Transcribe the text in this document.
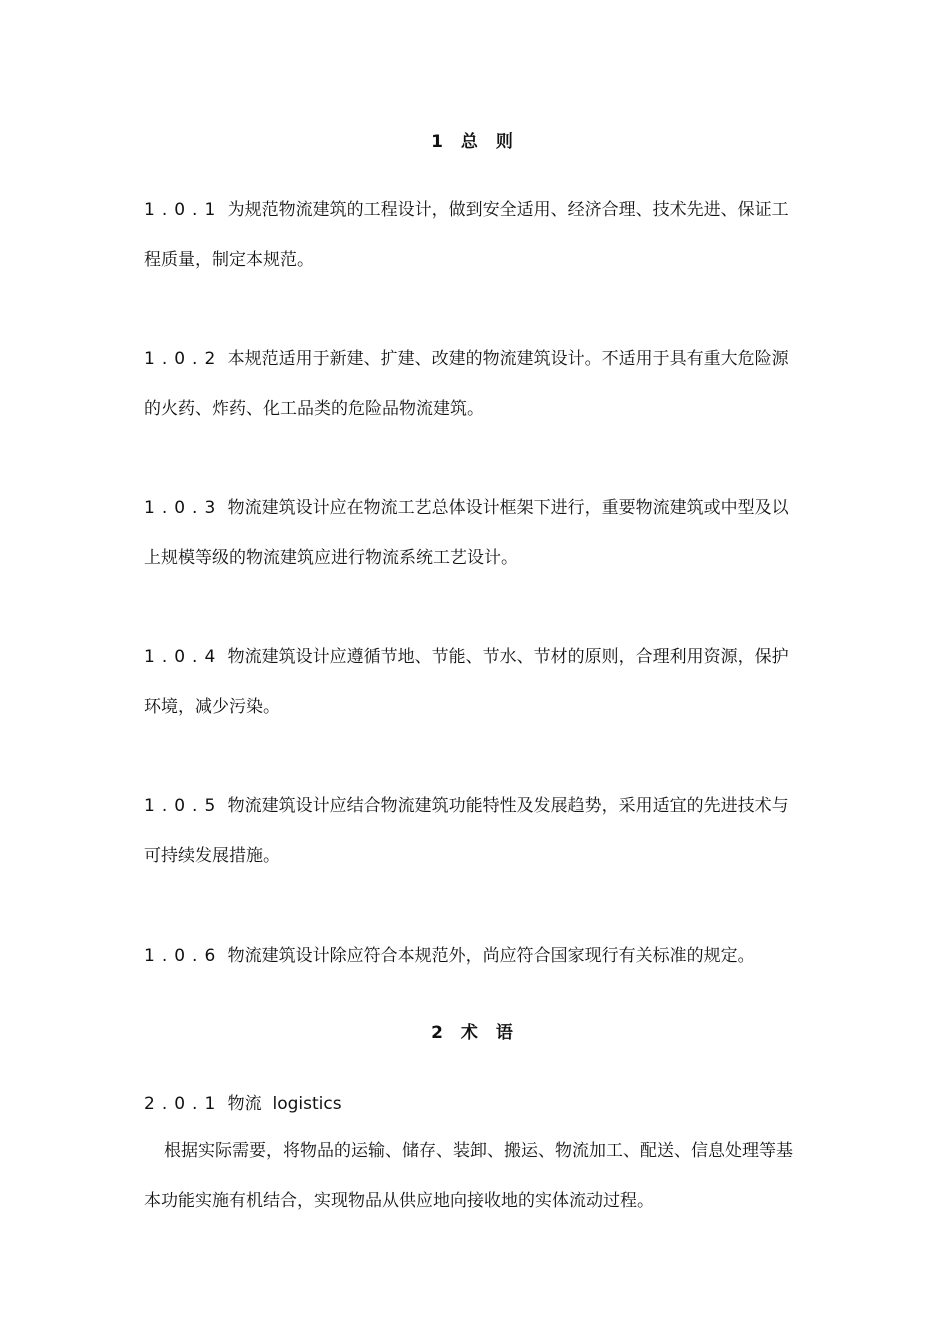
1 总 则
1.0.1 为规范物流建筑的工程设计，做到安全适用、经济合理、技术先进、保证工
程质量，制定本规范。
1.0.2 本规范适用于新建、扩建、改建的物流建筑设计。不适用于具有重大危险源
的火药、炸药、化工品类的危险品物流建筑。
1.0.3 物流建筑设计应在物流工艺总体设计框架下进行，重要物流建筑或中型及以
上规模等级的物流建筑应进行物流系统工艺设计。
1.0.4 物流建筑设计应遵循节地、节能、节水、节材的原则，合理利用资源，保护
环境，减少污染。
1.0.5 物流建筑设计应结合物流建筑功能特性及发展趋势，采用适宜的先进技术与
可持续发展措施。
1.0.6 物流建筑设计除应符合本规范外，尚应符合国家现行有关标准的规定。
2 术 语
2.0.1 物流 logistics
根据实际需要，将物品的运输、储存、装卸、搬运、物流加工、配送、信息处理等基
本功能实施有机结合，实现物品从供应地向接收地的实体流动过程。
